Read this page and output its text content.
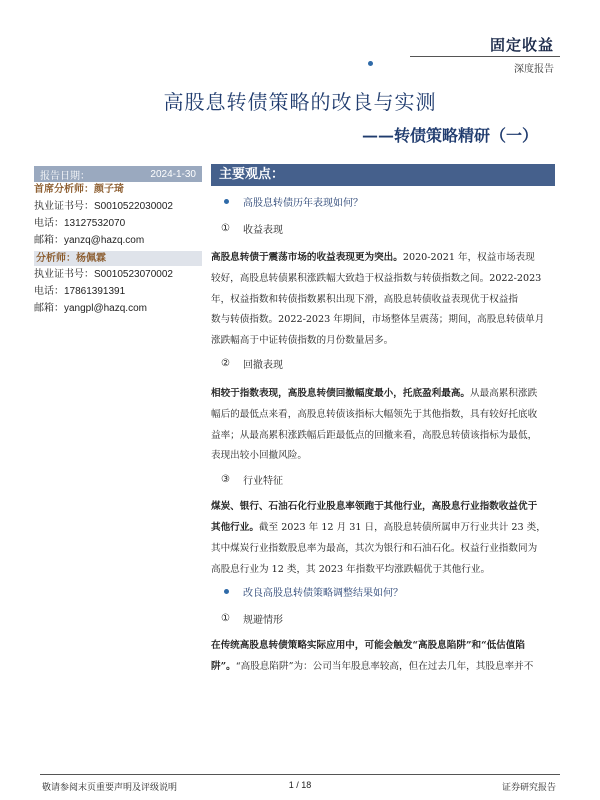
固定收益
深度报告
高股息转债策略的改良与实测
——转债策略精研（一）
报告日期：	2024-1-30
首席分析师：颜子琦
执业证书号：S0010522030002
电话：13127532070
邮箱：yanzq@hazq.com
分析师：杨佩霖
执业证书号：S0010523070002
电话：17861391391
邮箱：yangpl@hazq.com
主要观点：
高股息转债历年表现如何？
①	收益表现
高股息转债于震荡市场的收益表现更为突出。2020-2021 年，权益市场表现
较好，高股息转债累积涨跌幅大致趋于权益指数与转债指数之间。2022-2023
年，权益指数和转债指数累积出现下滑，高股息转债收益表现优于权益指
数与转债指数。2022-2023 年期间，市场整体呈震荡；期间，高股息转债单月
涨跌幅高于中证转债指数的月份数量居多。
②	回撤表现
相较于指数表现，高股息转债回撤幅度最小，托底盈利最高。从最高累积涨跌
幅后的最低点来看，高股息转债该指标大幅领先于其他指数，具有较好托底收
益率；从最高累积涨跌幅后距最低点的回撤来看，高股息转债该指标为最低，
表现出较小回撤风险。
③	行业特征
煤炭、银行、石油石化行业股息率领跑于其他行业，高股息行业指数收益优于
其他行业。截至 2023 年 12 月 31 日，高股息转债所属申万行业共计 23 类，
其中煤炭行业指数股息率为最高，其次为银行和石油石化。权益行业指数同为
高股息行业为 12 类，其 2023 年指数平均涨跌幅优于其他行业。
改良高股息转债策略调整结果如何？
①	规避情形
在传统高股息转债策略实际应用中，可能会触发“高股息陷阱”和“低估值陷
阱”。“高股息陷阱”为：公司当年股息率较高，但在过去几年，其股息率并不
敬请参阅末页重要声明及评级说明	1 / 18	证券研究报告
